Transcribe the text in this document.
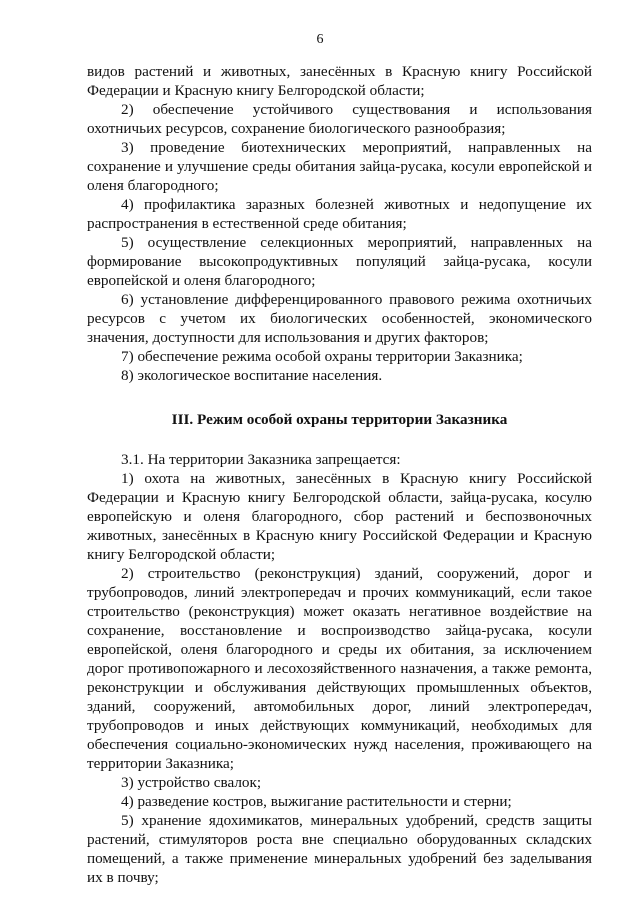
6

видов растений и животных, занесённых в Красную книгу Российской Федерации и Красную книгу Белгородской области;

2) обеспечение устойчивого существования и использования охотничьих ресурсов, сохранение биологического разнообразия;

3) проведение биотехнических мероприятий, направленных на сохранение и улучшение среды обитания зайца-русака, косули европейской и оленя благородного;

4) профилактика заразных болезней животных и недопущение их распространения в естественной среде обитания;

5) осуществление селекционных мероприятий, направленных на формирование высокопродуктивных популяций зайца-русака, косули европейской и оленя благородного;

6) установление дифференцированного правового режима охотничьих ресурсов с учетом их биологических особенностей, экономического значения, доступности для использования и других факторов;

7) обеспечение режима особой охраны территории Заказника;

8) экологическое воспитание населения.

III. Режим особой охраны территории Заказника

3.1. На территории Заказника запрещается:

1) охота на животных, занесённых в Красную книгу Российской Федерации и Красную книгу Белгородской области, зайца-русака, косулю европейскую и оленя благородного, сбор растений и беспозвоночных животных, занесённых в Красную книгу Российской Федерации и Красную книгу Белгородской области;

2) строительство (реконструкция) зданий, сооружений, дорог и трубопроводов, линий электропередач и прочих коммуникаций, если такое строительство (реконструкция) может оказать негативное воздействие на сохранение, восстановление и воспроизводство зайца-русака, косули европейской, оленя благородного и среды их обитания, за исключением дорог противопожарного и лесохозяйственного назначения, а также ремонта, реконструкции и обслуживания действующих промышленных объектов, зданий, сооружений, автомобильных дорог, линий электропередач, трубопроводов и иных действующих коммуникаций, необходимых для обеспечения социально-экономических нужд населения, проживающего на территории Заказника;

3) устройство свалок;

4) разведение костров, выжигание растительности и стерни;

5) хранение ядохимикатов, минеральных удобрений, средств защиты растений, стимуляторов роста вне специально оборудованных складских помещений, а также применение минеральных удобрений без заделывания их в почву;
